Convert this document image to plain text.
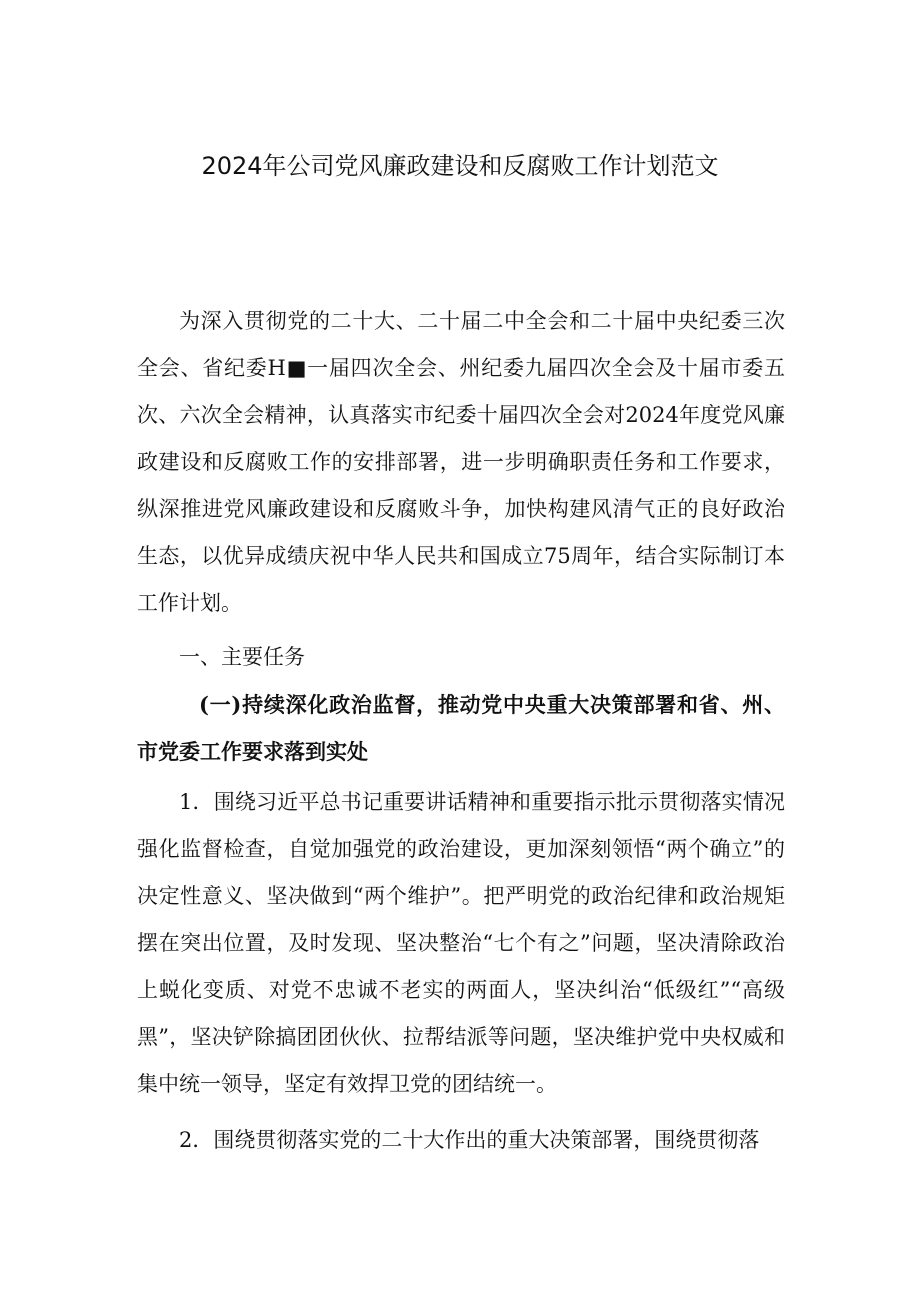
2024年公司党风廉政建设和反腐败工作计划范文

为深入贯彻党的二十大、二十届二中全会和二十届中央纪委三次全会、省纪委H■一届四次全会、州纪委九届四次全会及十届市委五次、六次全会精神，认真落实市纪委十届四次全会对2024年度党风廉政建设和反腐败工作的安排部署，进一步明确职责任务和工作要求，纵深推进党风廉政建设和反腐败斗争，加快构建风清气正的良好政治生态，以优异成绩庆祝中华人民共和国成立75周年，结合实际制订本工作计划。

一、主要任务

(一)持续深化政治监督，推动党中央重大决策部署和省、州、市党委工作要求落到实处

1．围绕习近平总书记重要讲话精神和重要指示批示贯彻落实情况强化监督检查，自觉加强党的政治建设，更加深刻领悟“两个确立”的决定性意义、坚决做到“两个维护”。把严明党的政治纪律和政治规矩摆在突出位置，及时发现、坚决整治“七个有之”问题，坚决清除政治上蜕化变质、对党不忠诚不老实的两面人，坚决纠治“低级红”“高级黑”，坚决铲除搞团团伙伙、拉帮结派等问题，坚决维护党中央权威和集中统一领导，坚定有效捍卫党的团结统一。

2．围绕贯彻落实党的二十大作出的重大决策部署，围绕贯彻落
